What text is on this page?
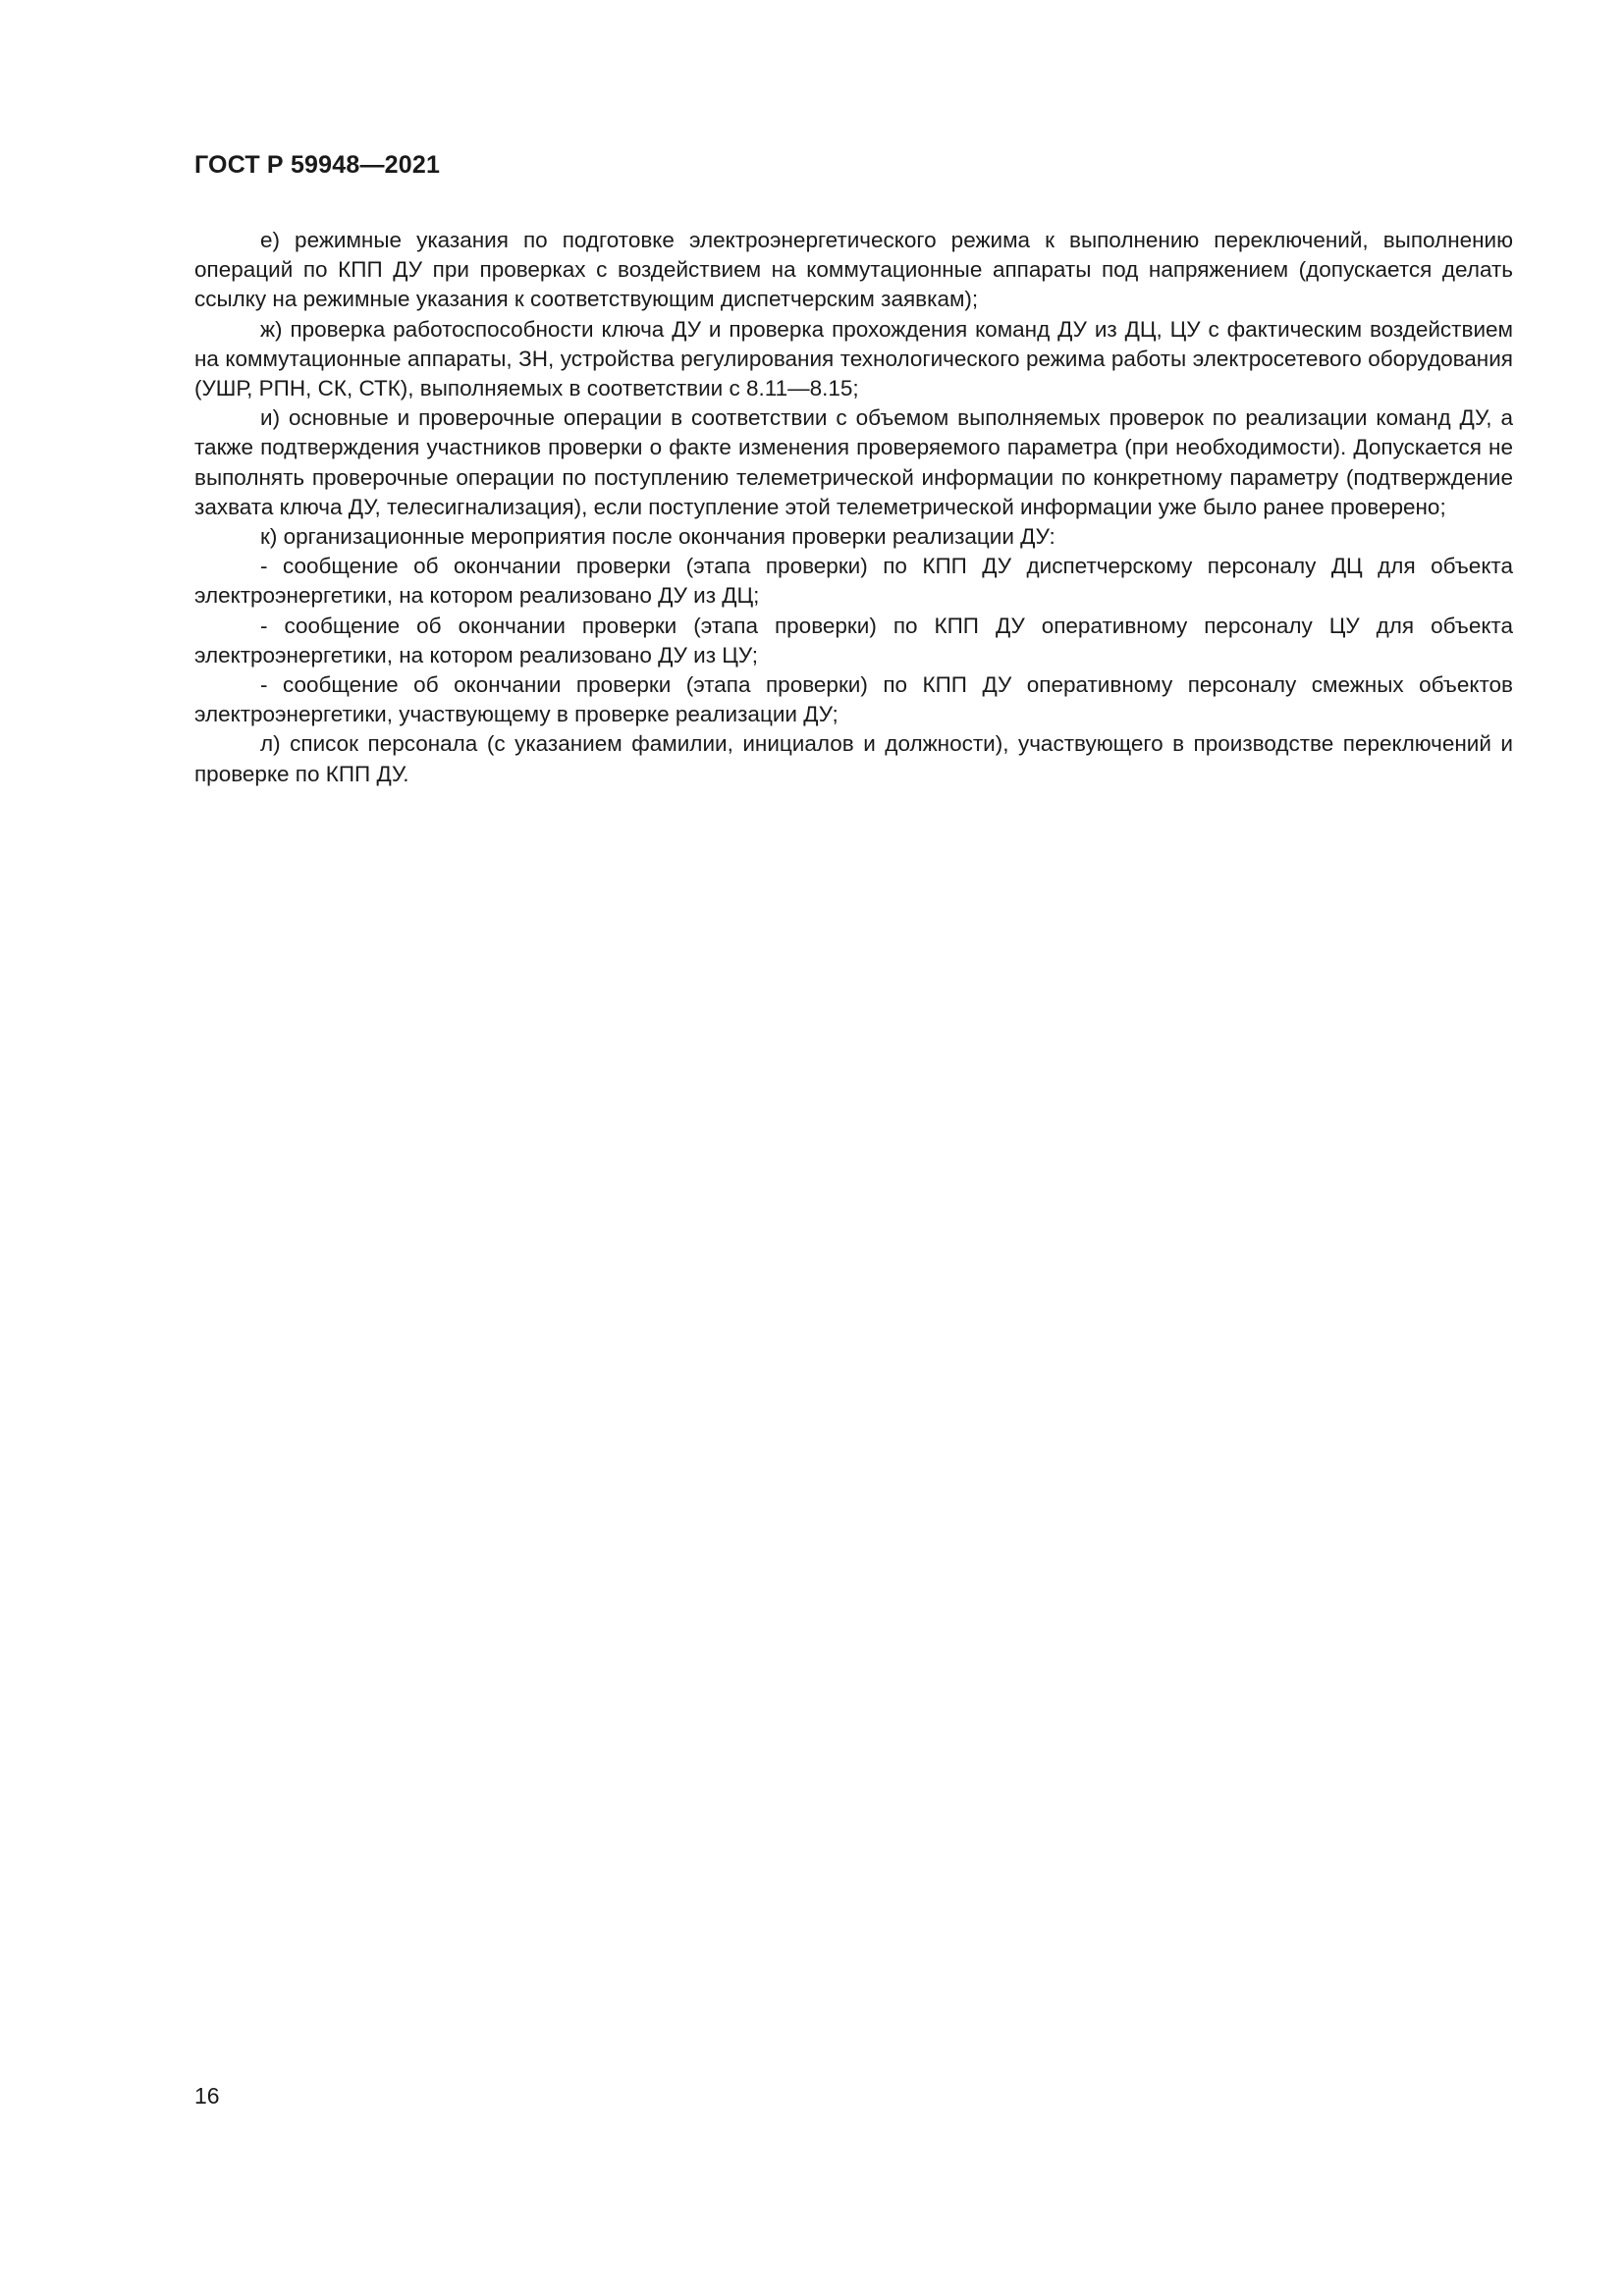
ГОСТ Р 59948—2021

е) режимные указания по подготовке электроэнергетического режима к выполнению переключений, выполнению операций по КПП ДУ при проверках с воздействием на коммутационные аппараты под напряжением (допускается делать ссылку на режимные указания к соответствующим диспетчерским заявкам);

ж) проверка работоспособности ключа ДУ и проверка прохождения команд ДУ из ДЦ, ЦУ с фактическим воздействием на коммутационные аппараты, ЗН, устройства регулирования технологического режима работы электросетевого оборудования (УШР, РПН, СК, СТК), выполняемых в соответствии с 8.11—8.15;

и) основные и проверочные операции в соответствии с объемом выполняемых проверок по реализации команд ДУ, а также подтверждения участников проверки о факте изменения проверяемого параметра (при необходимости). Допускается не выполнять проверочные операции по поступлению телеметрической информации по конкретному параметру (подтверждение захвата ключа ДУ, телесигнализация), если поступление этой телеметрической информации уже было ранее проверено;

к) организационные мероприятия после окончания проверки реализации ДУ:

- сообщение об окончании проверки (этапа проверки) по КПП ДУ диспетчерскому персоналу ДЦ для объекта электроэнергетики, на котором реализовано ДУ из ДЦ;

- сообщение об окончании проверки (этапа проверки) по КПП ДУ оперативному персоналу ЦУ для объекта электроэнергетики, на котором реализовано ДУ из ЦУ;

- сообщение об окончании проверки (этапа проверки) по КПП ДУ оперативному персоналу смежных объектов электроэнергетики, участвующему в проверке реализации ДУ;

л) список персонала (с указанием фамилии, инициалов и должности), участвующего в производстве переключений и проверке по КПП ДУ.

16
